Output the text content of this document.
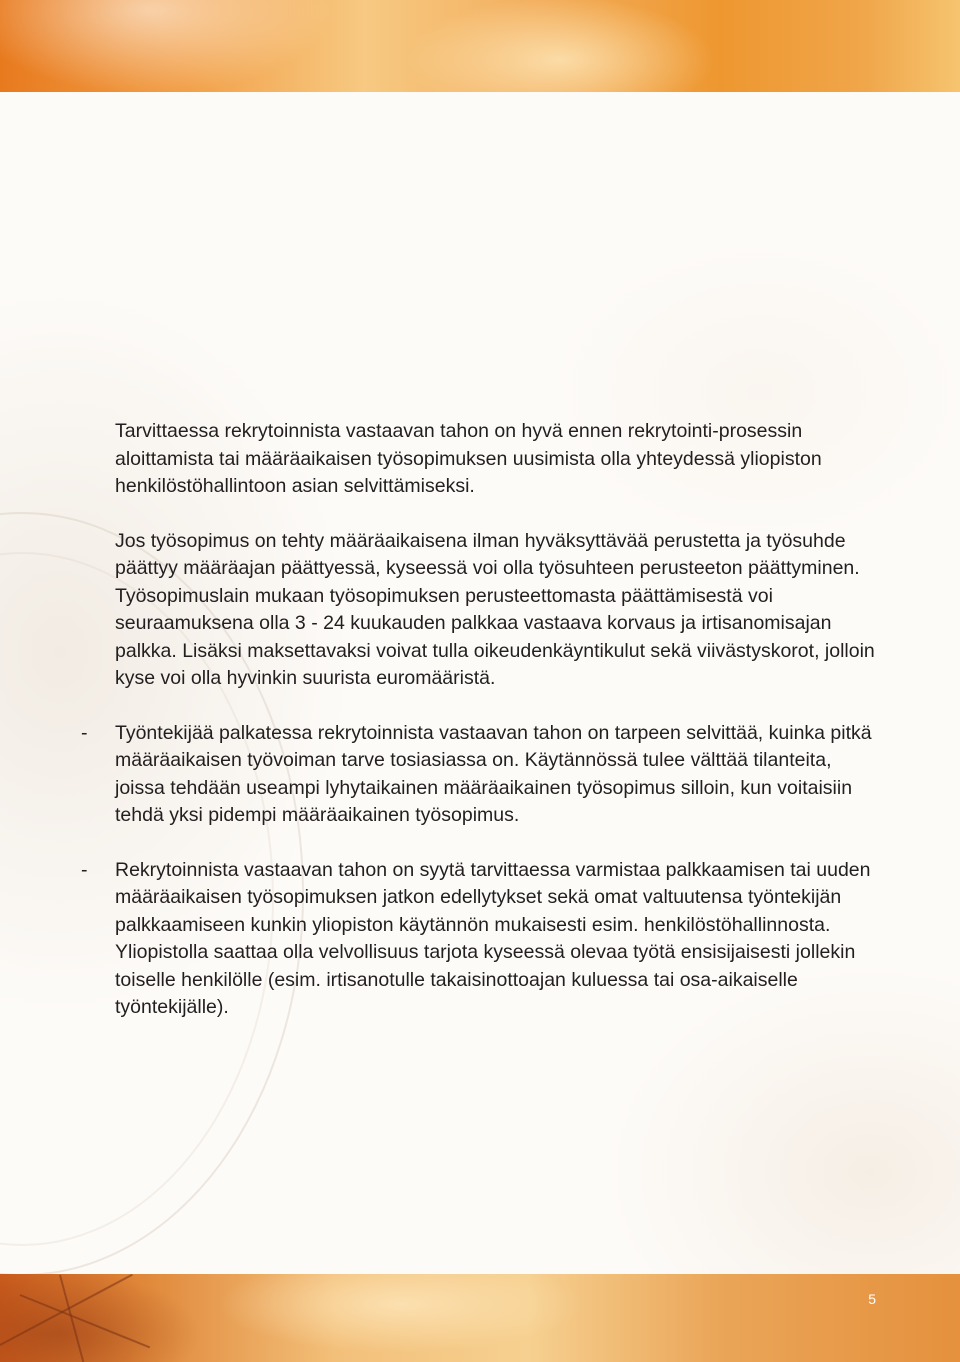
Tarvittaessa rekrytoinnista vastaavan tahon on hyvä ennen rekrytointi-prosessin aloittamista tai määräaikaisen työsopimuksen uusimista olla yhteydessä yliopiston henkilöstöhallintoon asian selvittämiseksi.

Jos työsopimus on tehty määräaikaisena ilman hyväksyttävää perustetta ja työsuhde päättyy määräajan päättyessä, kyseessä voi olla työsuhteen perusteeton päättyminen. Työsopimuslain mukaan työsopimuksen perusteettomasta päättämisestä voi seuraamuksena olla 3 - 24 kuukauden palkkaa vastaava korvaus ja irtisanomisajan palkka. Lisäksi maksettavaksi voivat tulla oikeudenkäyntikulut sekä viivästyskorot, jolloin kyse voi olla hyvinkin suurista euromääristä.

- Työntekijää palkatessa rekrytoinnista vastaavan tahon on tarpeen selvittää, kuinka pitkä määräaikaisen työvoiman tarve tosiasiassa on. Käytännössä tulee välttää tilanteita, joissa tehdään useampi lyhytaikainen määräaikainen työsopimus silloin, kun voitaisiin tehdä yksi pidempi määräaikainen työsopimus.
- Rekrytoinnista vastaavan tahon on syytä tarvittaessa varmistaa palkkaamisen tai uuden määräaikaisen työsopimuksen jatkon edellytykset sekä omat valtuutensa työntekijän palkkaamiseen kunkin yliopiston käytännön mukaisesti esim. henkilöstöhallinnosta. Yliopistolla saattaa olla velvollisuus tarjota kyseessä olevaa työtä ensisijaisesti jollekin toiselle henkilölle (esim. irtisanotulle takaisinottoajan kuluessa tai osa-aikaiselle työntekijälle).
5
